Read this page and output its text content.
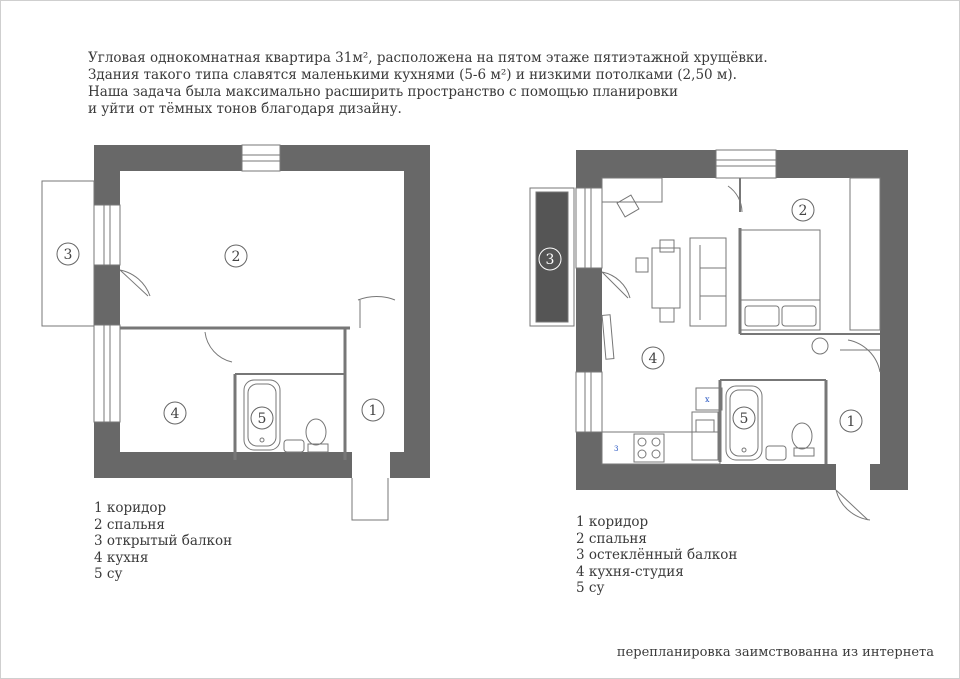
3
x
1
2
3
4	5	1
2
3
4
5
Угловая однокомнатная квартира 31м², расположена на пятом этаже пятиэтажной хрущёвки.
Здания такого типа славятся маленькими кухнями (5-6 м²) и низкими потолками (2,50 м).
Наша задача была максимально расширить пространство с помощью планировки
и уйти от тёмных тонов благодаря дизайну.
1 коридор
2 спальня
3 открытый балкон
4 кухня
5 су
1 коридор
2 спальня
3 остеклённый балкон
4 кухня-студия
5 су
перепланировка заимствованна из интернета
